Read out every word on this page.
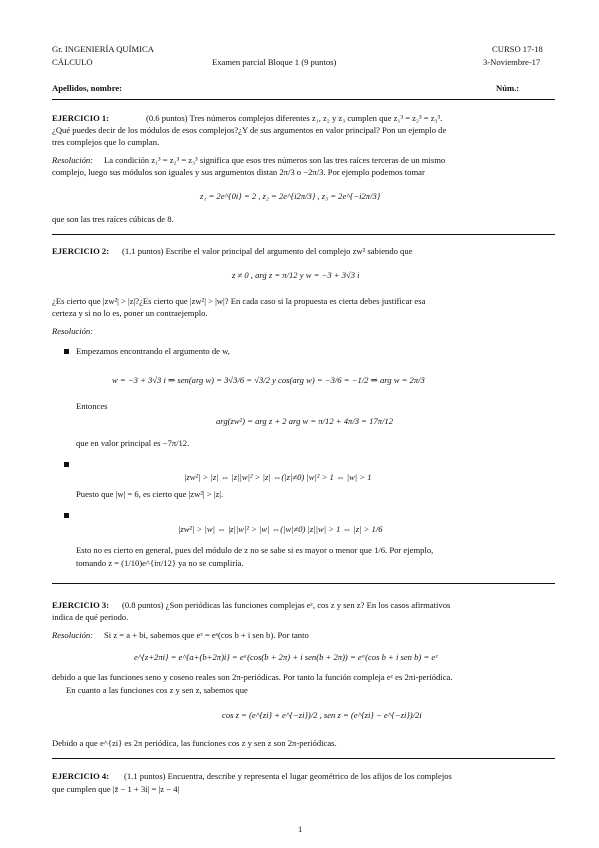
Gr. INGENIERÍA QUÍMICA
CÁLCULO	Examen parcial Bloque 1 (9 puntos)
CURSO 17-18
3-Noviembre-17
Apellidos, nombre:	Núm.:
EJERCICIO 1:	(0.6 puntos) Tres números complejos diferentes z₁, z₂ y z₃ cumplen que z₁³ = z₂³ = z₃³.
¿Qué puedes decir de los módulos de esos complejos?¿Y de sus argumentos en valor principal? Pon un ejemplo de
tres complejos que lo cumplan.
Resolución: La condición z₁³ = z₂³ = z₃³ significa que esos tres números son las tres raíces terceras de un mismo
complejo, luego sus módulos son iguales y sus argumentos distan 2π/3 o −2π/3. Por ejemplo podemos tomar
z₁ = 2e^{0i} = 2 , z₂ = 2e^{i2π/3} , z₃ = 2e^{−i2π/3}
que son las tres raíces cúbicas de 8.
EJERCICIO 2: (1.1 puntos) Escribe el valor principal del argumento del complejo zw² sabiendo que
z ≠ 0 , arg z = π/12 y w = −3 + 3√3 i
¿Es cierto que |zw²| > |z|?¿Es cierto que |zw²| > |w|? En cada caso si la propuesta es cierta debes justificar esa
certeza y si no lo es, poner un contraejemplo.
Resolución:
Empezamos encontrando el argumento de w,
w = −3 + 3√3 i ⇒ sen(arg w) = 3√3/6 = √3/2 y cos(arg w) = −3/6 = −1/2 ⇒ arg w = 2π/3
Entonces
arg(zw²) = arg z + 2 arg w = π/12 + 4π/3 = 17π/12
que en valor principal es −7π/12.
|zw²| > |z| ⇔ |z||w|² > |z| ⇔(|z|≠0) |w|² > 1 ⇔ |w| > 1
Puesto que |w| = 6, es cierto que |zw²| > |z|.
|zw²| > |w| ⇔ |z||w|² > |w| ⇔(|w|≠0) |z||w| > 1 ⇔ |z| > 1/6
Esto no es cierto en general, pues del módulo de z no se sabe si es mayor o menor que 1/6. Por ejemplo,
tomando z = (1/10)e^{iπ/12} ya no se cumpliría.
EJERCICIO 3: (0.8 puntos) ¿Son periódicas las funciones complejas eᶻ, cos z y sen z? En los casos afirmativos
indica de qué periodo.
Resolución: Si z = a + bi, sabemos que eᶻ = eᵃ(cos b + i sen b). Por tanto
e^{z+2πi} = e^{a+(b+2π)i} = eᵃ(cos(b + 2π) + i sen(b + 2π)) = eᵃ(cos b + i sen b) = eᶻ
debido a que las funciones seno y coseno reales son 2π-periódicas. Por tanto la función compleja eᶻ es 2πi-periódica.
En cuanto a las funciones cos z y sen z, sabemos que
cos z = (e^{zi} + e^{−zi})/2 , sen z = (e^{zi} − e^{−zi})/2i
Debido a que e^{zi} es 2π periódica, las funciones cos z y sen z son 2π-periódicas.
EJERCICIO 4: (1.1 puntos) Encuentra, describe y representa el lugar geométrico de los afijos de los complejos
que cumplen que |z̄ − 1 + 3i| = |z − 4|
1
